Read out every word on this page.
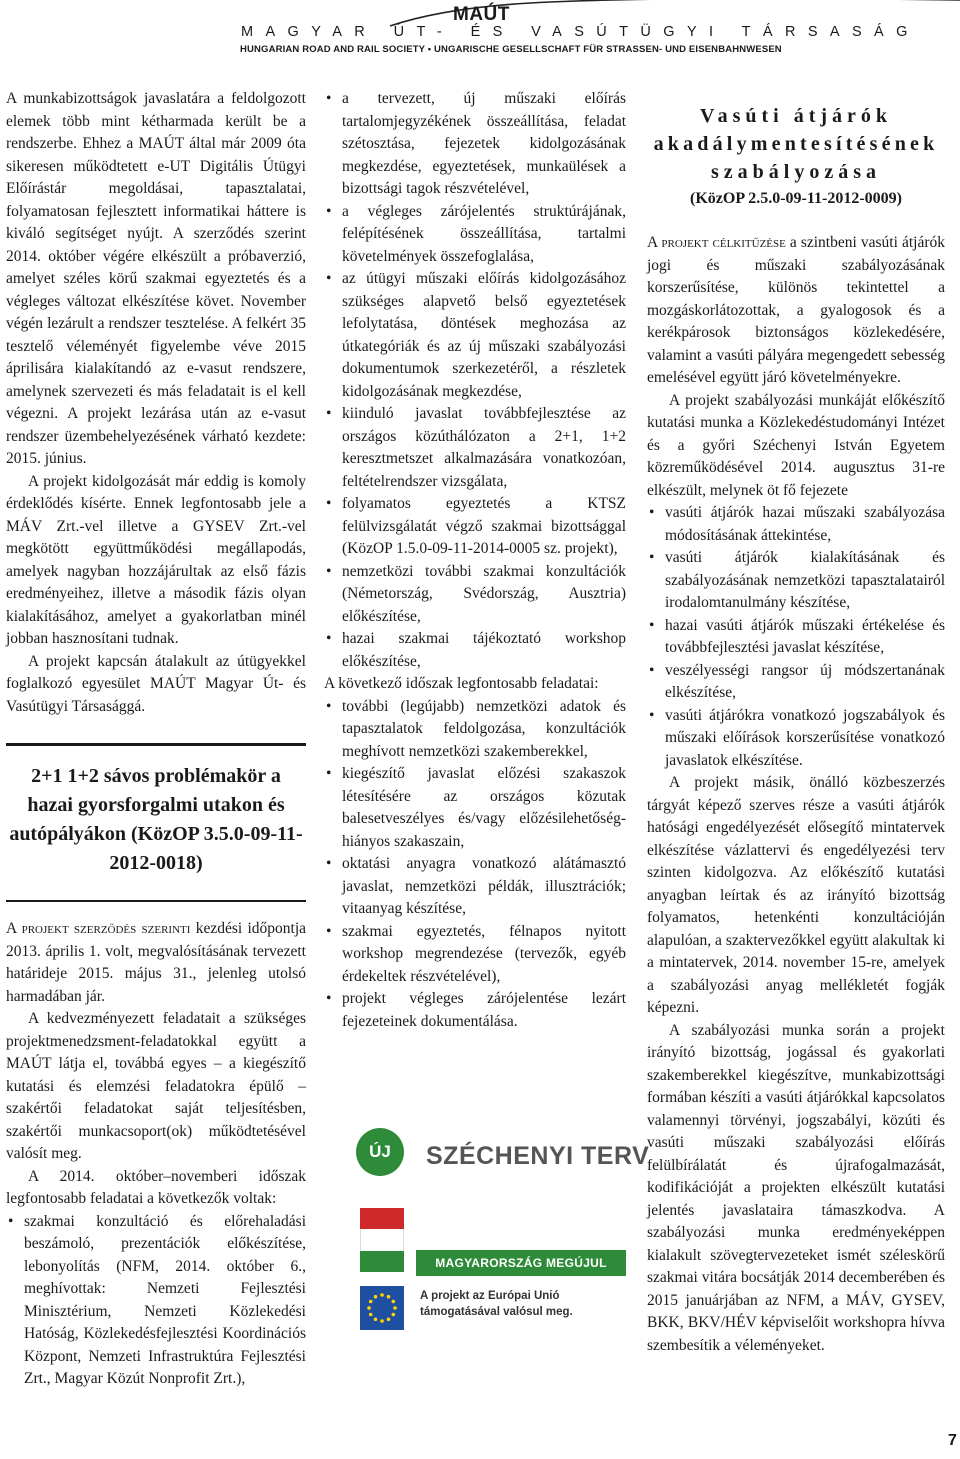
MAÚT
MAGYAR ÚT- ÉS VASÚTÜGYI TÁRSASÁG
HUNGARIAN ROAD AND RAIL SOCIETY • UNGARISCHE GESELLSCHAFT FÜR STRASSEN- UND EISENBAHNWESEN

A munkabizottságok javaslatára a feldolgozott elemek több mint kétharmada került be a rendszerbe. Ehhez a MAÚT által már 2009 óta sikeresen működtetett e-UT Digitális Útügyi Előírástár megoldásai, tapasztalatai, folyamatosan fejlesztett informatikai háttere is kiváló segítséget nyújt. A szerződés szerint 2014. október végére elkészült a próbaverzió, amelyet széles körű szakmai egyeztetés és a végleges változat elkészítése követ. November végén lezárult a rendszer tesztelése. A felkért 35 tesztelő véleményét figyelembe véve 2015 áprilisára kialakítandó az e-vasut rendszere, amelynek szervezeti és más feladatait is el kell végezni. A projekt lezárása után az e-vasut rendszer üzembehelyezésének várható kezdete: 2015. június.

A projekt kidolgozását már eddig is komoly érdeklődés kísérte. Ennek legfontosabb jele a MÁV Zrt.-vel illetve a GYSEV Zrt.-vel megkötött együttműködési megállapodás, amelyek nagyban hozzájárultak az első fázis eredményeihez, illetve a második fázis olyan kialakításához, amelyet a gyakorlatban minél jobban hasznosítani tudnak.

A projekt kapcsán átalakult az útügyekkel foglalkozó egyesület MAÚT Magyar Út- és Vasútügyi Társasággá.

2+1 1+2 sávos problémakör a hazai gyorsforgalmi utakon és autópályákon (KözOP 3.5.0-09-11-2012-0018)

A projekt szerződés szerinti kezdési időpontja 2013. április 1. volt, megvalósításának tervezett határideje 2015. május 31., jelenleg utolsó harmadában jár.

A kedvezményezett feladatait a szükséges projektmenedzsment-feladatokkal együtt a MAÚT látja el, továbbá egyes – a kiegészítő kutatási és elemzési feladatokra épülő – szakértői feladatokat saját teljesítésben, szakértői munkacsoport(ok) működtetésével valósít meg.

A 2014. október–novemberi időszak legfontosabb feladatai a következők voltak:

• szakmai konzultáció és előrehaladási beszámoló, prezentációk előkészítése, lebonyolítás (NFM, 2014. október 6., meghívottak: Nemzeti Fejlesztési Minisztérium, Nemzeti Közlekedési Hatóság, Közlekedésfejlesztési Koordinációs Központ, Nemzeti Infrastruktúra Fejlesztési Zrt., Magyar Közút Nonprofit Zrt.),
• a tervezett, új műszaki előírás tartalomjegyzékének összeállítása, feladat szétosztása, fejezetek kidolgozásának megkezdése, egyeztetések, munkaülések a bizottsági tagok részvételével,
• a végleges zárójelentés struktúrájának, felépítésének összeállítása, tartalmi követelmények összefoglalása,
• az útügyi műszaki előírás kidolgozásához szükséges alapvető belső egyeztetések lefolytatása, döntések meghozása az útkategóriák és az új műszaki szabályozási dokumentumok szerkezetéről, a részletek kidolgozásának megkezdése,
• kiinduló javaslat továbbfejlesztése az országos közúthálózaton a 2+1, 1+2 keresztmetszet alkalmazására vonatkozóan, feltételrendszer vizsgálata,
• folyamatos egyeztetés a KTSZ felülvizsgálatát végző szakmai bizottsággal (KözOP 1.5.0-09-11-2014-0005 sz. projekt),
• nemzetközi további szakmai konzultációk (Németország, Svédország, Ausztria) előkészítése,
• hazai szakmai tájékoztató workshop előkészítése,

A következő időszak legfontosabb feladatai:

• további (legújabb) nemzetközi adatok és tapasztalatok feldolgozása, konzultációk meghívott nemzetközi szakemberekkel,
• kiegészítő javaslat előzési szakaszok létesítésére az országos közutak balesetveszélyes és/vagy előzésilehetőség-hiányos szakaszain,
• oktatási anyagra vonatkozó alátámasztó javaslat, nemzetközi példák, illusztrációk; vitaanyag készítése,
• szakmai egyeztetés, félnapos nyitott workshop megrendezése (tervezők, egyéb érdekeltek részvételével),
• projekt végleges zárójelentése lezárt fejezeteinek dokumentálása.
ÚJ	SZÉCHENYI TERV
MAGYARORSZÁG MEGÚJUL
A projekt az Európai Unió támogatásával valósul meg.
Vasúti átjárók
akadálymentesítésének
szabályozása
(KözOP 2.5.0-09-11-2012-0009)

A projekt célkitűzése a szintbeni vasúti átjárók jogi és műszaki szabályozásának korszerűsítése, különös tekintettel a mozgáskorlátozottak, a gyalogosok és a kerékpárosok biztonságos közlekedésére, valamint a vasúti pályára megengedett sebesség emelésével együtt járó követelményekre.

A projekt szabályozási munkáját előkészítő kutatási munka a Közlekedéstudományi Intézet és a győri Széchenyi István Egyetem közreműködésével 2014. augusztus 31-re elkészült, melynek öt fő fejezete

• vasúti átjárók hazai műszaki szabályozása módosításának áttekintése,
• vasúti átjárók kialakításának és szabályozásának nemzetközi tapasztalatairól irodalomtanulmány készítése,
• hazai vasúti átjárók műszaki értékelése és továbbfejlesztési javaslat készítése,
• veszélyességi rangsor új módszertanának elkészítése,
• vasúti átjárókra vonatkozó jogszabályok és műszaki előírások korszerűsítése vonatkozó javaslatok elkészítése.

A projekt másik, önálló közbeszerzés tárgyát képező szerves része a vasúti átjárók hatósági engedélyezését elősegítő mintatervek elkészítése vázlattervi és engedélyezési terv szinten kidolgozva. Az előkészítő kutatási anyagban leírtak és az irányító bizottság folyamatos, hetenkénti konzultációján alapulóan, a szaktervezőkkel együtt alakultak ki a mintatervek, 2014. november 15-re, amelyek a szabályozási anyag mellékletét fogják képezni.

A szabályozási munka során a projekt irányító bizottság, jogással és gyakorlati szakemberekkel kiegészítve, munkabizottsági formában készíti a vasúti átjárókkal kapcsolatos valamennyi törvényi, jogszabályi, közúti és vasúti műszaki szabályozási előírás felülbírálatát és újrafogalmazását, kodifikációját a projekten elkészült kutatási jelentés javaslataira támaszkodva. A szabályozási munka eredményeképpen kialakult szövegtervezeteket ismét széleskörű szakmai vitára bocsátják 2014 decemberében és 2015 januárjában az NFM, a MÁV, GYSEV, BKK, BKV/HÉV képviselőit workshopra hívva szembesítik a véleményeket.

7
